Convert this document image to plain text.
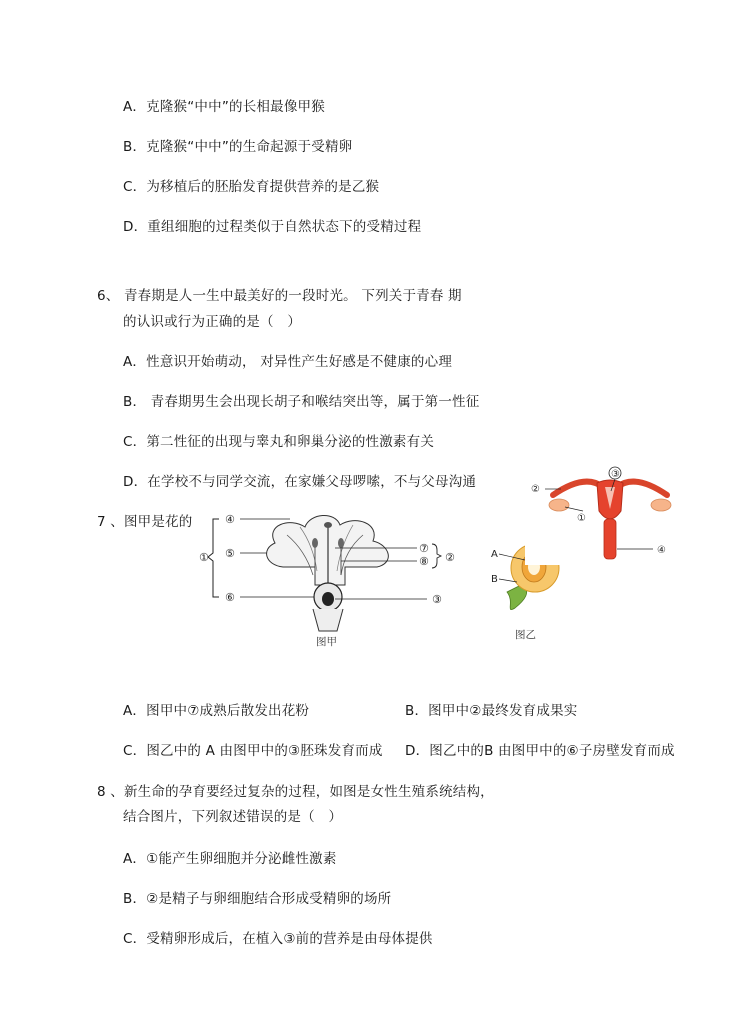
A．克隆猴“中中”的长相最像甲猴
B．克隆猴“中中”的生命起源于受精卵
C．为移植后的胚胎发育提供营养的是乙猴
D．重组细胞的过程类似于自然状态下的受精过程
6、 青春期是人一生中最美好的一段时光。 下列关于青春 期
的认识或行为正确的是（　）
A．性意识开始萌动， 对异性产生好感是不健康的心理
B． 青春期男生会出现长胡子和喉结突出等，属于第一性征
C．第二性征的出现与睾丸和卵巢分泌的性激素有关
D．在学校不与同学交流，在家嫌父母啰嗦，不与父母沟通
7 、图甲是花的
①
④
⑤
⑥
⑦
⑧ ②
③
图甲
A
B
图乙
③
②
①
④
A．图甲中⑦成熟后散发出花粉	B．图甲中②最终发育成果实
C．图乙中的 A 由图甲中的③胚珠发育而成 D．图乙中的B 由图甲中的⑥子房壁发育而成
8 、新生命的孕育要经过复杂的过程，如图是女性生殖系统结构，
结合图片，下列叙述错误的是（　）
A．①能产生卵细胞并分泌雌性激素
B．②是精子与卵细胞结合形成受精卵的场所
C．受精卵形成后，在植入③前的营养是由母体提供
